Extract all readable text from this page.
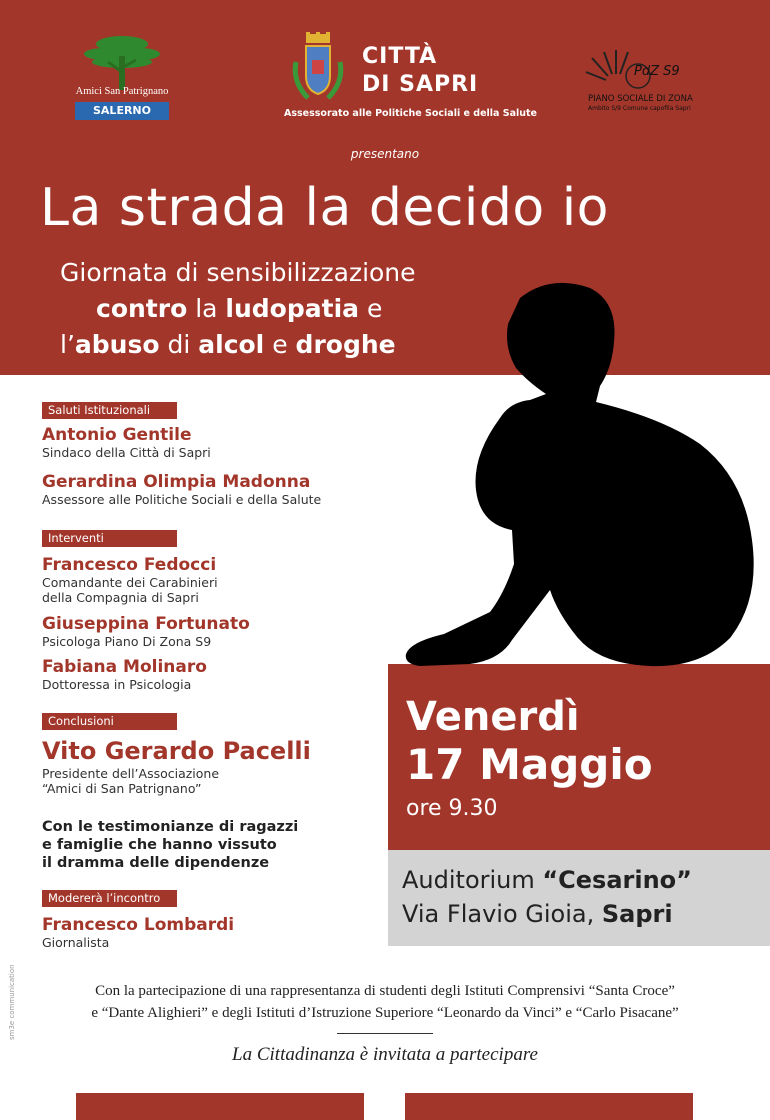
Amici San Patrignano
SALERNO
CITTÀ
DI SAPRI
Assessorato alle Politiche Sociali e della Salute
PdZ S9
PIANO SOCIALE DI ZONA
Ambito S/9 Comune capofila Sapri
presentano
La strada la decido io
Giornata di sensibilizzazione
contro la ludopatia e
l’abuso di alcol e droghe
Venerdì
17 Maggio
ore 9.30
Auditorium “Cesarino”
Via Flavio Gioia, Sapri
Saluti Istituzionali
Antonio Gentile
Sindaco della Città di Sapri
Gerardina Olimpia Madonna
Assessore alle Politiche Sociali e della Salute
Interventi
Francesco Fedocci
Comandante dei Carabinieri
della Compagnia di Sapri
Giuseppina Fortunato
Psicologa Piano Di Zona S9
Fabiana Molinaro
Dottoressa in Psicologia
Conclusioni
Vito Gerardo Pacelli
Presidente dell’Associazione
“Amici di San Patrignano”
Con le testimonianze di ragazzi
e famiglie che hanno vissuto
il dramma delle dipendenze
Modererà l’incontro
Francesco Lombardi
Giornalista
Con la partecipazione di una rappresentanza di studenti degli Istituti Comprensivi “Santa Croce”
e “Dante Alighieri” e degli Istituti d’Istruzione Superiore “Leonardo da Vinci” e “Carlo Pisacane”
La Cittadinanza è invitata a partecipare
sm3e communication
